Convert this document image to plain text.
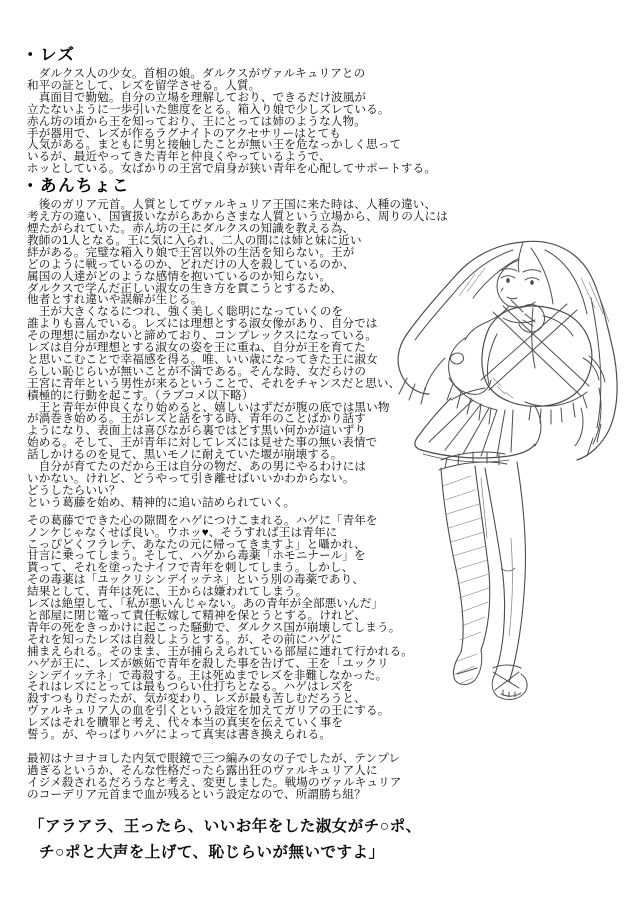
・レズ
　ダルクス人の少女。首相の娘。ダルクスがヴァルキュリアとの
和平の証として、レズを留学させる。人質。
　真面目で勤勉。自分の立場を理解しており、できるだけ波風が
立たないように一歩引いた態度をとる。箱入り娘で少しズレている。
赤ん坊の頃から王を知っており、王にとっては姉のような人物。
手が器用で、レズが作るラグナイトのアクセサリーはとても
人気がある。まともに男と接触したことが無い王を危なっかしく思って
いるが、最近やってきた青年と仲良くやっているようで、
ホッとしている。女ばかりの王宮で肩身が狭い青年を心配してサポートする。
・あんちょこ
　後のガリア元首。人質としてヴァルキュリア王国に来た時は、人種の違い、
考え方の違い、国賓扱いながらあからさまな人質という立場から、周りの人には
煙たがられていた。赤ん坊の王にダルクスの知識を教える為、
教師の1人となる。王に気に入られ、二人の間には姉と妹に近い
絆がある。完璧な箱入り娘で王宮以外の生活を知らない。王が
どのように戦っているのか、どれだけの人を殺しているのか、
属国の人達がどのような感情を抱いているのか知らない。
ダルクスで学んだ正しい淑女の生き方を貫こうとするため、
他者とすれ違いや誤解が生じる。
　王が大きくなるにつれ、強く美しく聡明になっていくのを
誰よりも喜んでいる。レズには理想とする淑女像があり、自分では
その理想に届かないと諦めており、コンプレックスになっている。
レズは自分が理想とする淑女の姿を王に重ね、自分が王を育てた
と思いこむことで幸福感を得る。唯、いい歳になってきた王に淑女
らしい恥じらいが無いことが不満である。そんな時、女だらけの
王宮に青年という男性が来るということで、それをチャンスだと思い、
積極的に行動を起こす。（ラブコメ以下略）
　王と青年が仲良くなり始めると、嬉しいはずだが腹の底では黒い物
が渦巻き始める。王がレズと話をする時、青年のことばかり話す
ようになり、表面上は喜びながら裏ではどす黒い何かが這いずり
始める。そして、王が青年に対してレズには見せた事の無い表情で
話しかけるのを見て、黒いモノに耐えていた堰が崩壊する。
　自分が育てたのだから王は自分の物だ、あの男にやるわけには
いかない。けれど、どうやって引き離せばいいかわからない。
どうしたらいい？
という葛藤を始め、精神的に追い詰められていく。
その葛藤でできた心の隙間をハゲにつけこまれる。ハゲに「青年を
ノンケじゃなくせば良い。ウホッ♥、そうすれば王は青年に
こっぴどくフラレテ、あなたの元に帰ってきますよ」と囁かれ、
甘言に乗ってしまう。そして、ハゲから毒薬「ホモニナール」を
貰って、それを塗ったナイフで青年を刺してしまう。しかし、
その毒薬は「ユックリシンデイッテネ」という別の毒薬であり、
結果として、青年は死に、王からは嫌われてしまう。
レズは絶望して、「私が悪いんじゃない。あの青年が全部悪いんだ」
と部屋に閉じ篭って責任転嫁して精神を保とうとする。けれど、
青年の死をきっかけに起こった騒動で、ダルクス国が崩壊してしまう。
それを知ったレズは自殺しようとする。が、その前にハゲに
捕まえられる。そのまま、王が捕らえられている部屋に連れて行かれる。
ハゲが王に、レズが嫉妬で青年を殺した事を告げて、王を「ユックリ
シンデイッテネ」で毒殺する。王は死ぬまでレズを非難しなかった。
それはレズにとっては最もつらい仕打ちとなる。ハゲはレズを
殺すつもりだったが、気が変わり、レズが最も苦しむだろうと、
ヴァルキュリア人の血を引くという設定を加えてガリアの王にする。
レズはそれを贖罪と考え、代々本当の真実を伝えていく事を
誓う。が、やっぱりハゲによって真実は書き換えられる。
最初はナヨナヨした内気で眼鏡で三つ編みの女の子でしたが、テンプレ
過ぎるというか、そんな性格だったら露出狂のヴァルキュリア人に
イジメ殺されるだろうなと考え、変更しました。戦場のヴァルキュリア
のコーデリア元首まで血が残るという設定なので、所謂勝ち組？
「アラアラ、王ったら、いいお年をした淑女がチ○ポ、
チ○ポと大声を上げて、恥じらいが無いですよ」
